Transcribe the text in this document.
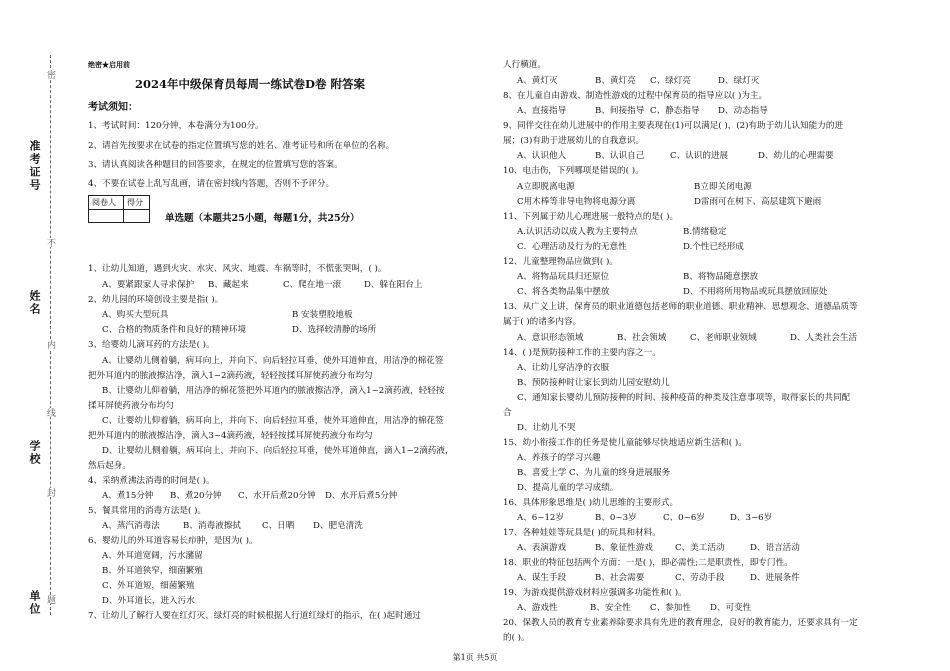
准考证号
姓名
学校
单位
密
不
内
线
封
题
绝密★启用前
2024年中级保育员每周一练试卷D卷 附答案
考试须知：
1、考试时间：120分钟，本卷满分为100分。
2、请首先按要求在试卷的指定位置填写您的姓名、准考证号和所在单位的名称。
3、请认真阅读各种题目的回答要求，在规定的位置填写您的答案。
4、不要在试卷上乱写乱画，请在密封线内答题，否则不予评分。
阅卷人	得分

单选题（本题共25小题，每题1分，共25分）
1、让幼儿知道，遇到火灾、水灾、风灾、地震、车祸等时，不慌张哭叫，( )。
A、要紧跟家人寻求保护 B、藏起来	C、爬在地一滚	D、躲在阳台上
2、幼儿园的环境创设主要是指( )。
A、购买大型玩具	B 安装塑胶地板
C、合格的物质条件和良好的精神环境	D、选择较清静的场所
3、给婴幼儿滴耳药的方法是( )。
A、让婴幼儿侧着躺，病耳向上，并向下、向后轻拉耳垂，使外耳道伸直，用洁净的棉花签
把外耳道内的脓液擦洁净，滴入1~2滴药液，轻轻按揉耳屏使药液分布均匀
B、让婴幼儿仰着躺，用洁净的棉花签把外耳道内的脓液擦洁净，滴入1~2滴药液，轻轻按
揉耳屏使药液分布均匀
C、让婴幼儿仰着躺，病耳向上，并向下、向后轻拉耳垂，使外耳道伸直，用洁净的棉花签
把外耳道内的脓液擦洁净，滴入3~4滴药液，轻轻按揉耳屏使药液分布均匀
D、让婴幼儿侧着躺，病耳向上，并向下、向后轻拉耳垂，使外耳道伸直，滴入1~2滴药液，
然后起身。
4、采纳煮沸法消毒的时间是( )。
A、煮15分钟 B、煮20分钟 C、水开后煮20分钟 D、水开后煮5分钟
5、餐具常用的消毒方法是( )。
A、蒸汽消毒法	B、消毒液擦拭 C、日晒 D、肥皂清洗
6、婴幼儿的外耳道容易长疖肿，是因为( )。
A、外耳道宽阔，污水瀦留
B、外耳道狭窄，细菌繁殖
C、外耳道短，细菌繁殖
D、外耳道长，进入污水
7、让幼儿了解行人要在红灯灭、绿灯亮的时候根据人行道红绿灯的指示，在( )起时通过
人行横道。
A、黄灯灭	B、黄灯亮 C、绿灯亮	D、绿灯灭
8、在儿童自由游戏、制造性游戏的过程中保育员的指导应以( )为主。
A、直接指导	B、间接指导 C、静态指导 D、动态指导
9、同伴交往在幼儿进展中的作用主要表现在(1)可以满足( )，(2)有助于幼儿认知能力的进
展；(3)有助于进展幼儿的自我意识。
A、认识他人	B、认识自己	C、认识的进展	D、幼儿的心理需要
10、电击伤，下列哪项是错误的( )。
A立即脱离电源	B立即关闭电源
C用木棒等非导电物将电源分离	D雷雨可在树下、高层建筑下避雨
11、下列属于幼儿心理进展一般特点的是( )。
A.认识活动以成人教为主要特点	B.情绪稳定
C．心理活动及行为的无意性	D.个性已经形成
12、儿童整理物品应做到( )。
A、将物品玩具归还原位	B、将物品随意摆放
C、将各类物品集中摆放	D、不用将所用物品或玩具摆放回原处
13、从广义上讲，保育员的职业道德包括老师的职业道德、职业精神、思想观念、道德品质等
属于( )的诸多内容。
A、意识形态领域	B、社会领域	C、老师职业领域	D、人类社会生活
14、( )是预防接种工作的主要内容之一。
A、让幼儿穿洁净的衣服
B、预防接种时让家长到幼儿园安慰幼儿
C、通知家长婴幼儿预防接种的时间、接种疫苗的种类及注意事项等，取得家长的共同配
合
D、让幼儿不哭
15、幼小衔接工作的任务是使儿童能够尽快地适应新生活和( )。
A、养孩子的学习兴趣
B、喜爱上学 C、为儿童的终身进展服务
D、提高儿童的学习成绩。
16、具体形象思维是( )幼儿思维的主要形式。
A、6~12岁	B、0~3岁	C、0~6岁	D、3~6岁
17、各种娃娃等玩具是( )的玩具和材料。
A、表演游戏	B、象征性游戏	C、美工活动	D、语言活动
18、职业的特征包括两个方面：一是( )，即必需性;二是职责性，即专门性。
A、谋生手段	B、社会需要	C、劳动手段	D、进展条件
19、为游戏提供游戏材料应强调多功能性和( )。
A、游戏性	B、安全性 C、参加性 D、可变性
20、保教人员的教育专业素养除要求具有先进的教育理念，良好的教育能力，还要求具有一定
的( )。
第1页 共5页
